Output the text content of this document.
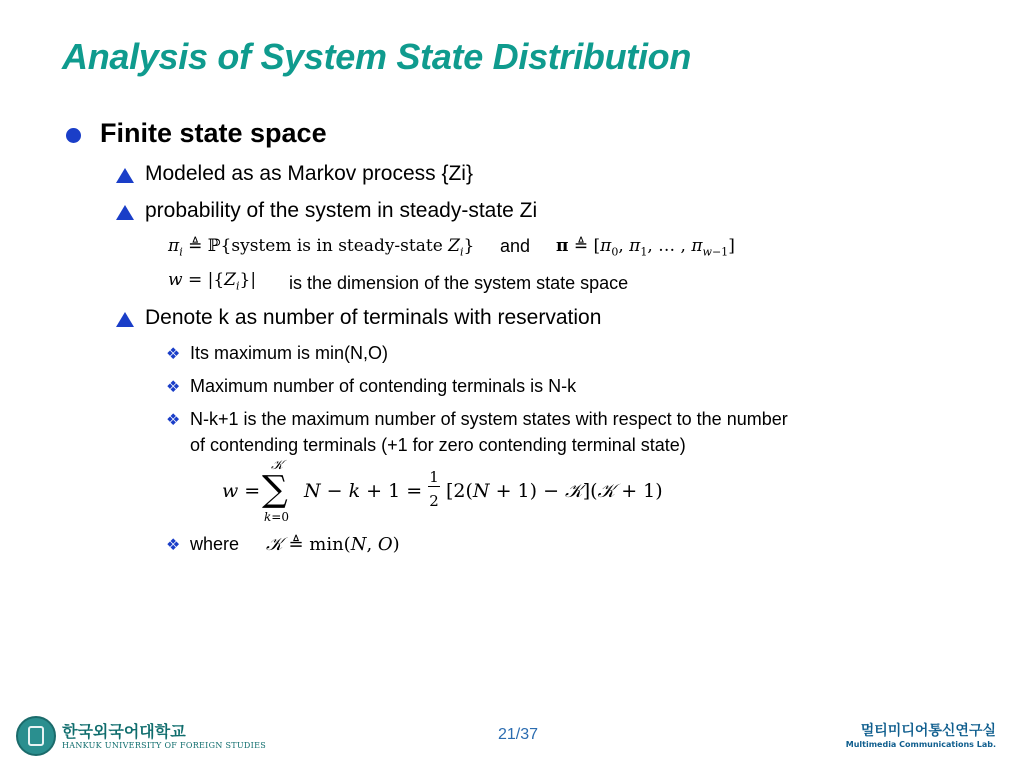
Analysis of System State Distribution
Finite state space
Modeled as as Markov process {Zi}
probability of the system in steady-state Zi
$\pi_i$ ≜ ℙ{system is in steady-state $Z_i$} and π ≜ [$\pi_0$, $\pi_1$, … , $\pi_{w-1}$]
$w = |\{Z_i\}|$ is the dimension of the system state space
Denote k as number of terminals with reservation
❖ Its maximum is min(N,O)
❖ Maximum number of contending terminals is N-k
❖ N-k+1 is the maximum number of system states with respect to the number
of contending terminals (+1 for zero contending terminal state)
w =
𝒦
∑
k=0
N − k + 1 =
1
2 [2(N + 1) − 𝒦](𝒦 + 1)
❖ where 𝒦 ≜ min(N, O)
한국외국어대학교
HANKUK UNIVERSITY OF FOREIGN STUDIES
21/37	멀티미디어통신연구실
Multimedia Communications Lab.
